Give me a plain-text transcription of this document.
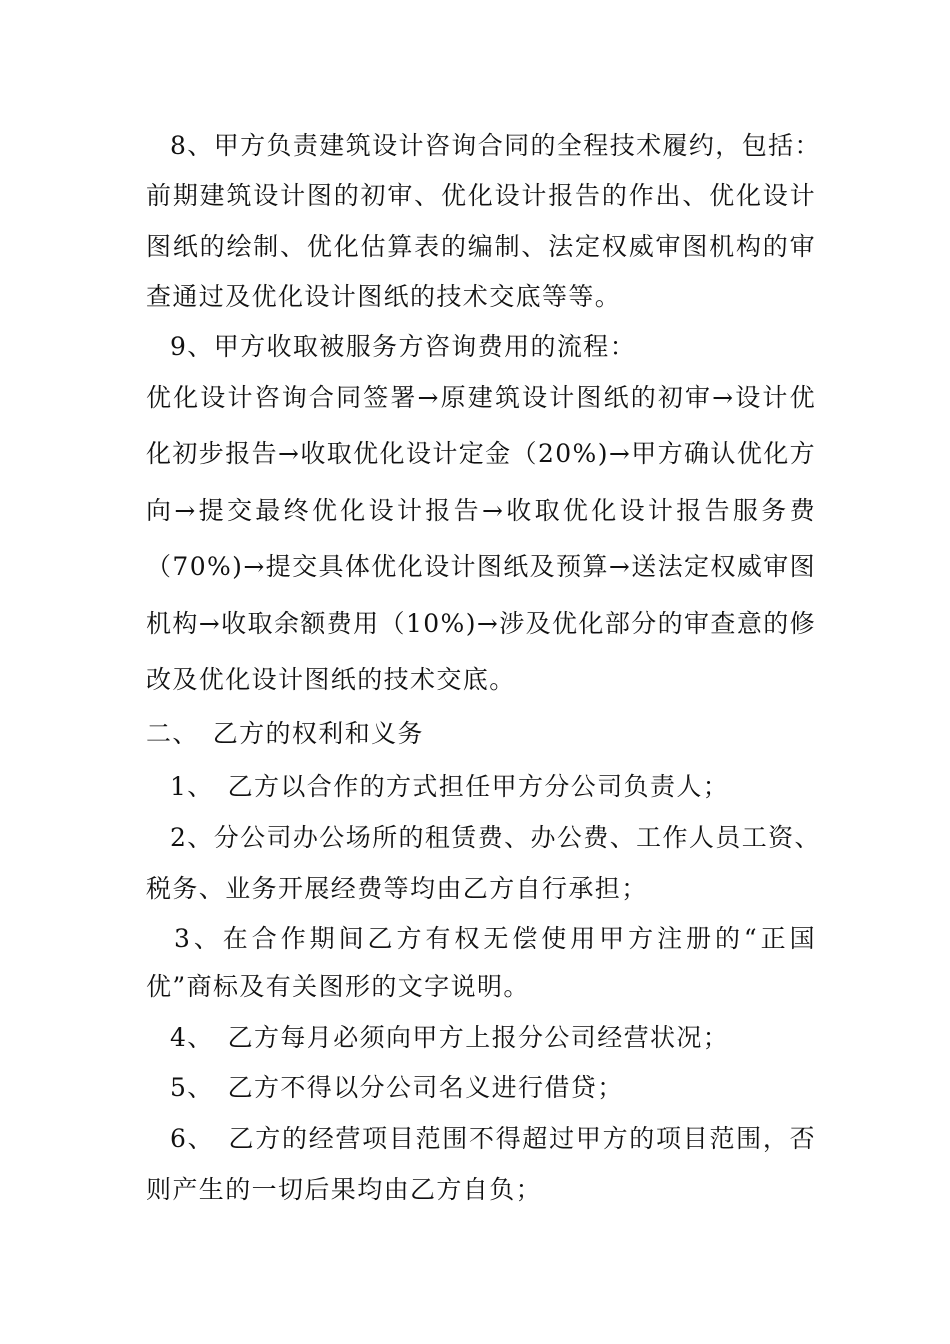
8、甲方负责建筑设计咨询合同的全程技术履约，包括：
前期建筑设计图的初审、优化设计报告的作出、优化设计
图纸的绘制、优化估算表的编制、法定权威审图机构的审
查通过及优化设计图纸的技术交底等等。
9、甲方收取被服务方咨询费用的流程：
优化设计咨询合同签署→原建筑设计图纸的初审→设计优
化初步报告→收取优化设计定金（20%)→甲方确认优化方
向→提交最终优化设计报告→收取优化设计报告服务费
（70%)→提交具体优化设计图纸及预算→送法定权威审图
机构→收取余额费用（10%)→涉及优化部分的审查意的修
改及优化设计图纸的技术交底。
二、　乙方的权利和义务
1、　乙方以合作的方式担任甲方分公司负责人；
2、分公司办公场所的租赁费、办公费、工作人员工资、
税务、业务开展经费等均由乙方自行承担；
3、在合作期间乙方有权无偿使用甲方注册的“正国
优”商标及有关图形的文字说明。
4、　乙方每月必须向甲方上报分公司经营状况；
5、　乙方不得以分公司名义进行借贷；
6、　乙方的经营项目范围不得超过甲方的项目范围，否
则产生的一切后果均由乙方自负；
